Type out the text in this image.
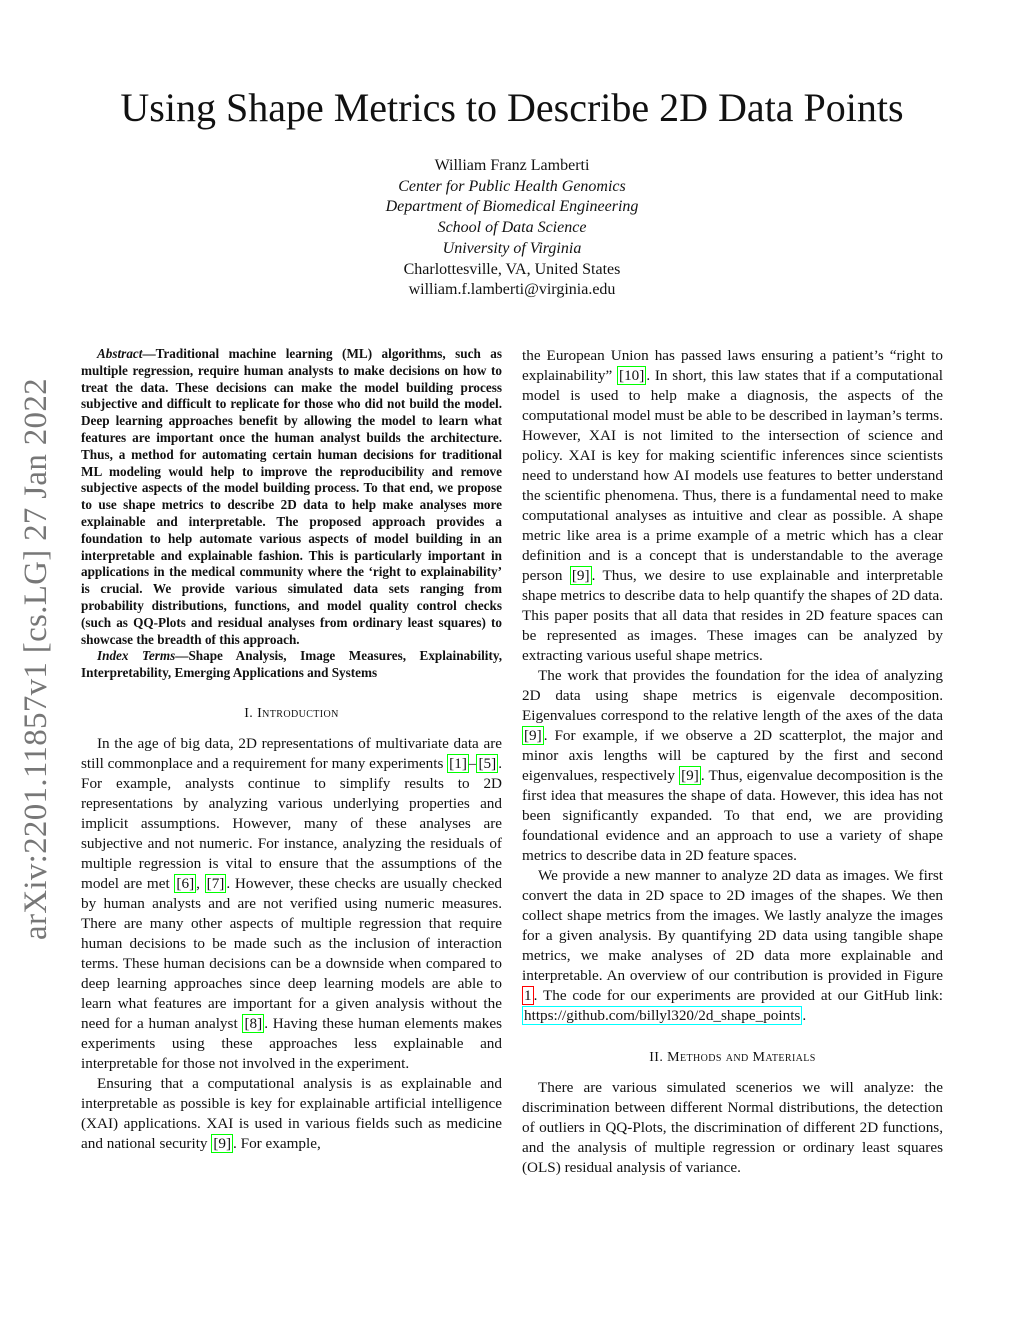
arXiv:2201.11857v1 [cs.LG] 27 Jan 2022
Using Shape Metrics to Describe 2D Data Points
William Franz Lamberti
Center for Public Health Genomics
Department of Biomedical Engineering
School of Data Science
University of Virginia
Charlottesville, VA, United States
william.f.lamberti@virginia.edu

Abstract—Traditional machine learning (ML) algorithms, such as multiple regression, require human analysts to make decisions on how to treat the data. These decisions can make the model building process subjective and difficult to replicate for those who did not build the model. Deep learning approaches benefit by allowing the model to learn what features are important once the human analyst builds the architecture. Thus, a method for automating certain human decisions for traditional ML modeling would help to improve the reproducibility and remove subjective aspects of the model building process. To that end, we propose to use shape metrics to describe 2D data to help make analyses more explainable and interpretable. The proposed approach provides a foundation to help automate various aspects of model building in an interpretable and explainable fashion. This is particularly important in applications in the medical community where the ‘right to explainability’ is crucial. We provide various simulated data sets ranging from probability distributions, functions, and model quality control checks (such as QQ-Plots and residual analyses from ordinary least squares) to showcase the breadth of this approach.

Index Terms—Shape Analysis, Image Measures, Explainability, Interpretability, Emerging Applications and Systems

I. Introduction

In the age of big data, 2D representations of multivariate data are still commonplace and a requirement for many experiments [1] – [5] . For example, analysts continue to simplify results to 2D representations by analyzing various underlying properties and implicit assumptions. However, many of these analyses are subjective and not numeric. For instance, analyzing the residuals of multiple regression is vital to ensure that the assumptions of the model are met [6] , [7] . However, these checks are usually checked by human analysts and are not verified using numeric measures. There are many other aspects of multiple regression that require human decisions to be made such as the inclusion of interaction terms. These human decisions can be a downside when compared to deep learning approaches since deep learning models are able to learn what features are important for a given analysis without the need for a human analyst [8] . Having these human elements makes experiments using these approaches less explainable and interpretable for those not involved in the experiment.

Ensuring that a computational analysis is as explainable and interpretable as possible is key for explainable artificial intelligence (XAI) applications. XAI is used in various fields such as medicine and national security [9] . For example,

the European Union has passed laws ensuring a patient’s “right to explainability” [10] . In short, this law states that if a computational model is used to help make a diagnosis, the aspects of the computational model must be able to be described in layman’s terms. However, XAI is not limited to the intersection of science and policy. XAI is key for making scientific inferences since scientists need to understand how AI models use features to better understand the scientific phenomena. Thus, there is a fundamental need to make computational analyses as intuitive and clear as possible. A shape metric like area is a prime example of a metric which has a clear definition and is a concept that is understandable to the average person [9] . Thus, we desire to use explainable and interpretable shape metrics to describe data to help quantify the shapes of 2D data. This paper posits that all data that resides in 2D feature spaces can be represented as images. These images can be analyzed by extracting various useful shape metrics.

The work that provides the foundation for the idea of analyzing 2D data using shape metrics is eigenvale decomposition. Eigenvalues correspond to the relative length of the axes of the data [9] . For example, if we observe a 2D scatterplot, the major and minor axis lengths will be captured by the first and second eigenvalues, respectively [9] . Thus, eigenvalue decomposition is the first idea that measures the shape of data. However, this idea has not been significantly expanded. To that end, we are providing foundational evidence and an approach to use a variety of shape metrics to describe data in 2D feature spaces.

We provide a new manner to analyze 2D data as images. We first convert the data in 2D space to 2D images of the shapes. We then collect shape metrics from the images. We lastly analyze the images for a given analysis. By quantifying 2D data using tangible shape metrics, we make analyses of 2D data more explainable and interpretable. An overview of our contribution is provided in Figure 1 . The code for our experiments are provided at our GitHub link: https://github.com/billyl320/2d_shape_points .

II. Methods and Materials

There are various simulated scenerios we will analyze: the discrimination between different Normal distributions, the detection of outliers in QQ-Plots, the discrimination of different 2D functions, and the analysis of multiple regression or ordinary least squares (OLS) residual analysis of variance.
